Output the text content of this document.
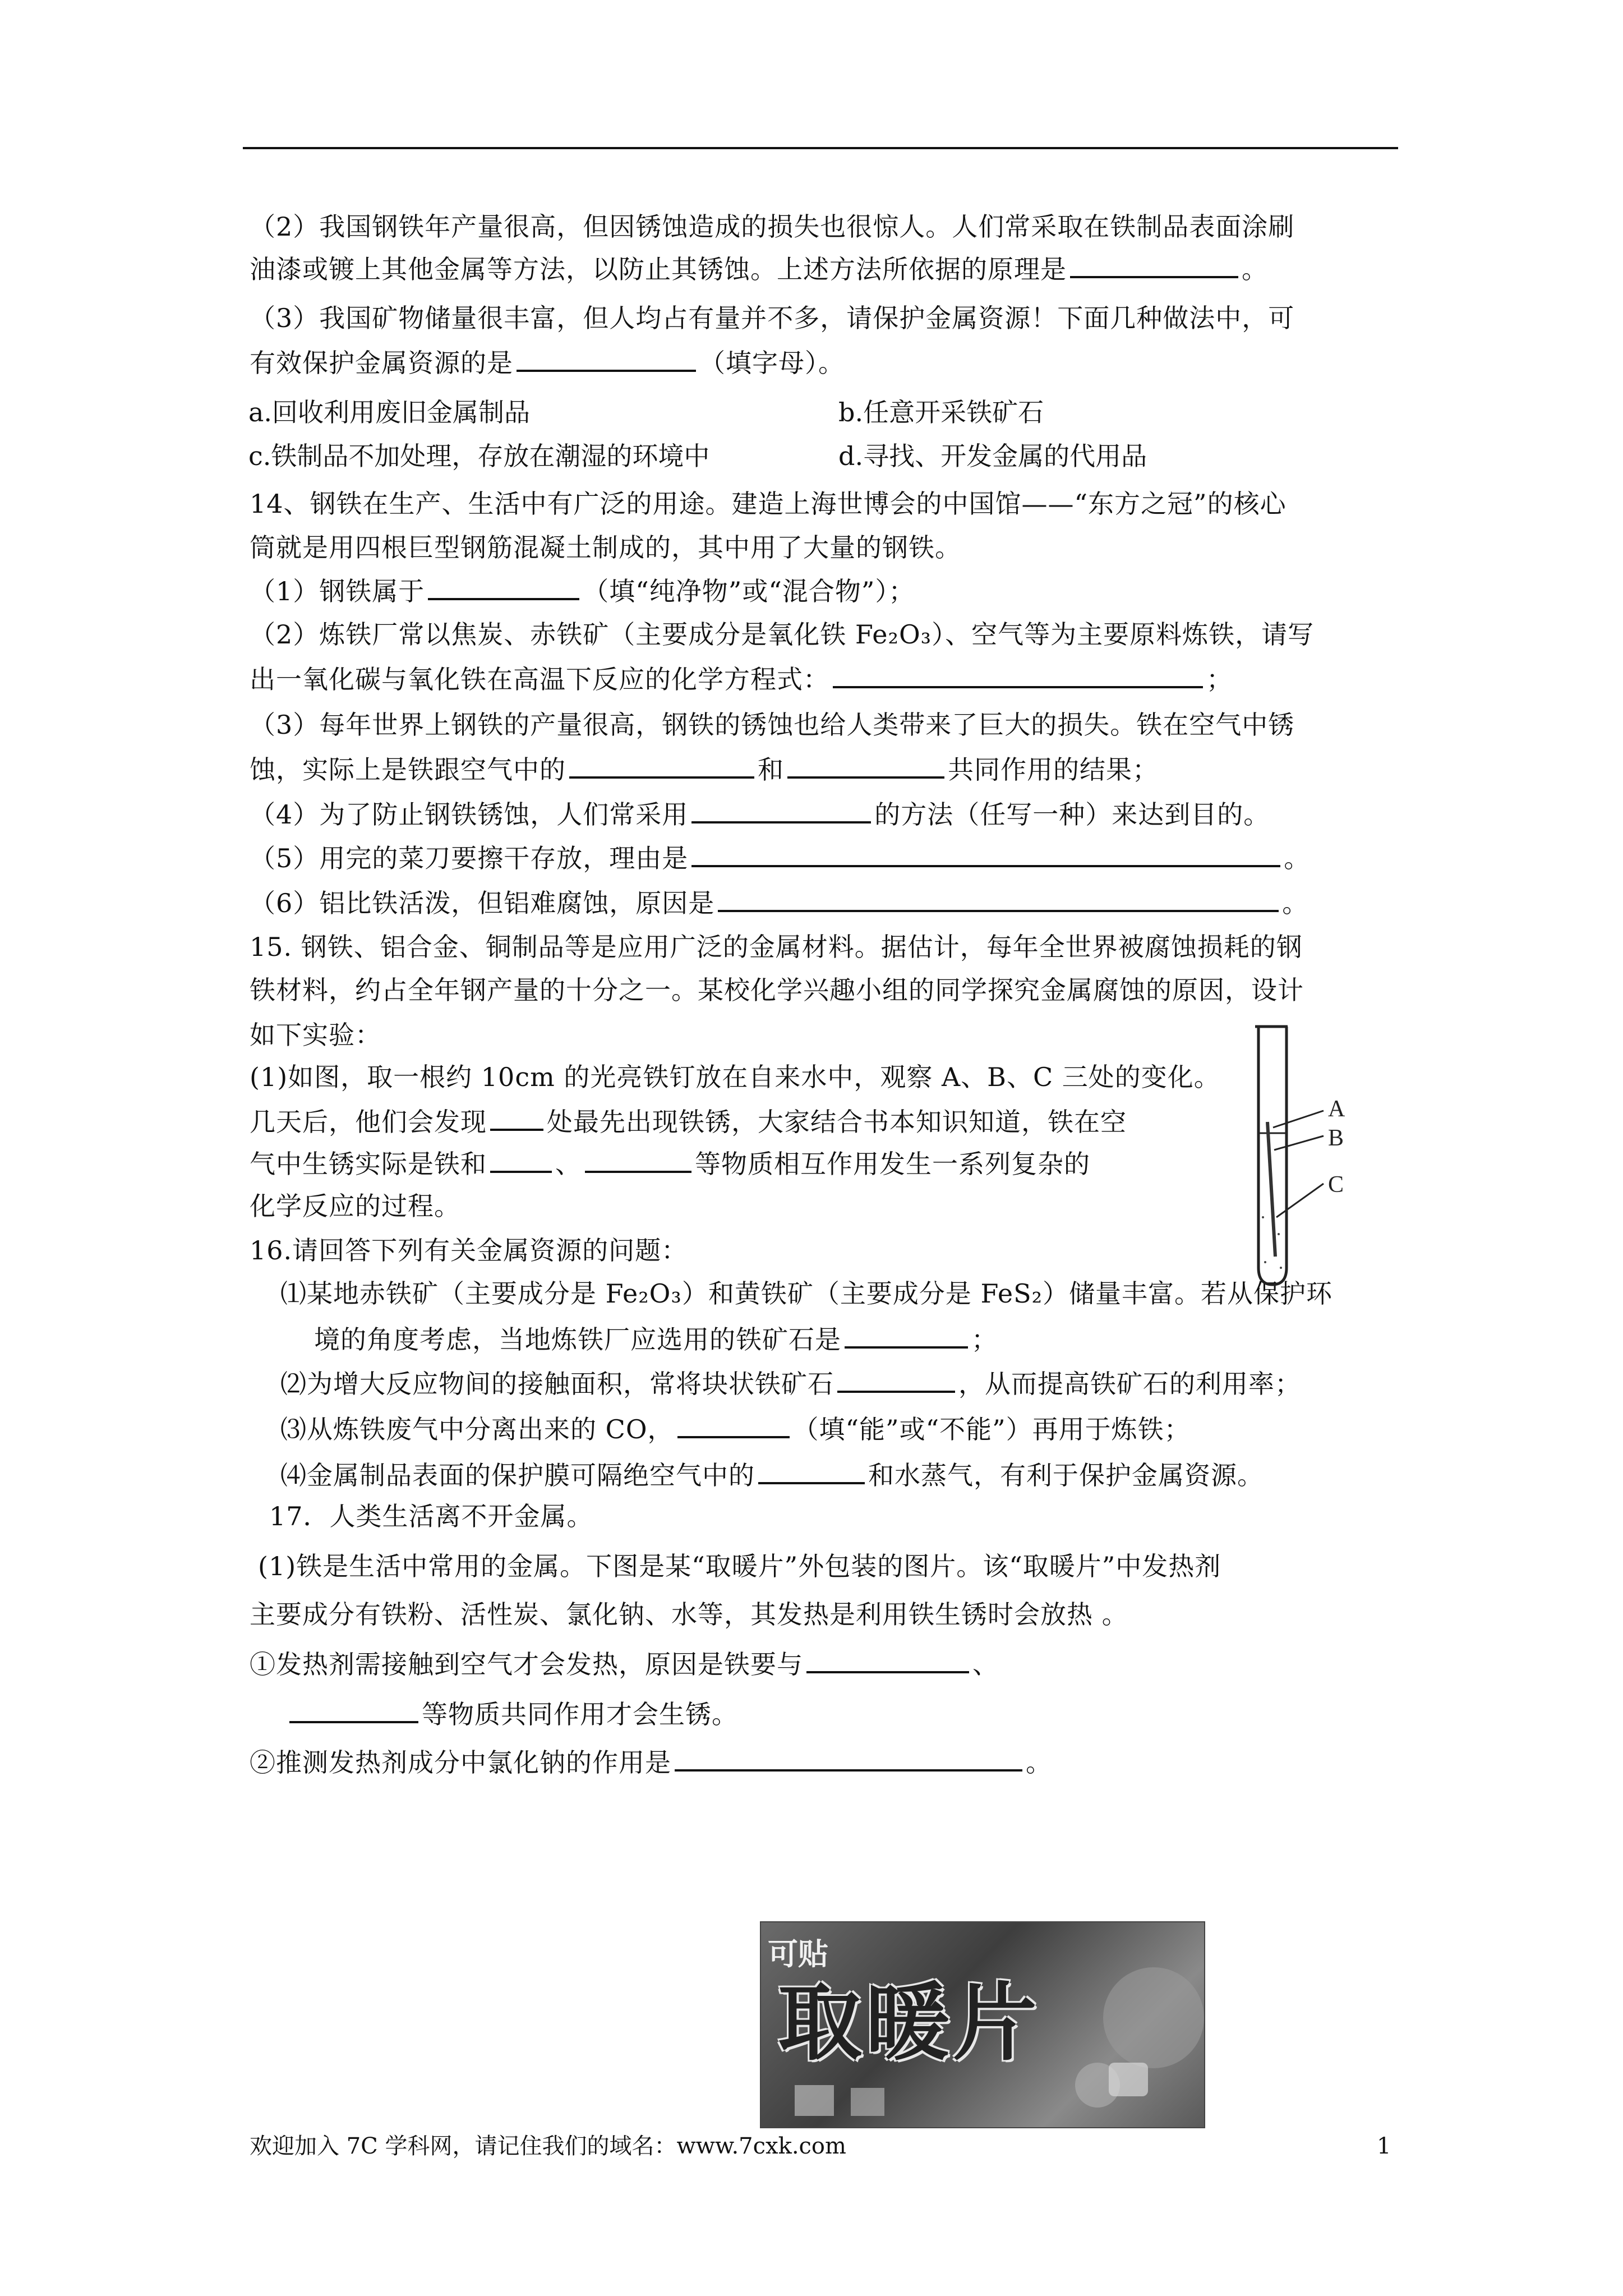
（2）我国钢铁年产量很高，但因锈蚀造成的损失也很惊人。人们常采取在铁制品表面涂刷
油漆或镀上其他金属等方法，以防止其锈蚀。上述方法所依据的原理是	。
（3）我国矿物储量很丰富，但人均占有量并不多，请保护金属资源！下面几种做法中，可
有效保护金属资源的是	（填字母）。
14、钢铁在生产、生活中有广泛的用途。建造上海世博会的中国馆——“东方之冠”的核心
筒就是用四根巨型钢筋混凝土制成的，其中用了大量的钢铁。
（1）钢铁属于	（填“纯净物”或“混合物”）；
（2）炼铁厂常以焦炭、赤铁矿（主要成分是氧化铁 Fe₂O₃）、空气等为主要原料炼铁，请写
出一氧化碳与氧化铁在高温下反应的化学方程式：	；
（3）每年世界上钢铁的产量很高，钢铁的锈蚀也给人类带来了巨大的损失。铁在空气中锈
蚀，实际上是铁跟空气中的	和	共同作用的结果；
（4）为了防止钢铁锈蚀，人们常采用	的方法（任写一种）来达到目的。
（5）用完的菜刀要擦干存放，理由是	。
（6）铝比铁活泼，但铝难腐蚀，原因是	。
15. 钢铁、铝合金、铜制品等是应用广泛的金属材料。据估计，每年全世界被腐蚀损耗的钢
铁材料，约占全年钢产量的十分之一。某校化学兴趣小组的同学探究金属腐蚀的原因，设计
如下实验：
(1)如图，取一根约 10cm 的光亮铁钉放在自来水中，观察 A、B、C 三处的变化。
几天后，他们会发现 处最先出现铁锈，大家结合书本知识知道，铁在空
气中生锈实际是铁和	、	等物质相互作用发生一系列复杂的
化学反应的过程。
16.请回答下列有关金属资源的问题：
⑴某地赤铁矿（主要成分是 Fe₂O₃）和黄铁矿（主要成分是 FeS₂）储量丰富。若从保护环
境的角度考虑，当地炼铁厂应选用的铁矿石是	；
⑵为增大反应物间的接触面积，常将块状铁矿石	，从而提高铁矿石的利用率；
⑶从炼铁废气中分离出来的 CO，	（填“能”或“不能”）再用于炼铁；
⑷金属制品表面的保护膜可隔绝空气中的	和水蒸气，有利于保护金属资源。
17．人类生活离不开金属。
(1)铁是生活中常用的金属。下图是某“取暖片”外包装的图片。该“取暖片”中发热剂
主要成分有铁粉、活性炭、氯化钠、水等，其发热是利用铁生锈时会放热 。
①发热剂需接触到空气才会发热，原因是铁要与	、
等物质共同作用才会生锈。
②推测发热剂成分中氯化钠的作用是	。
a.回收利用废旧金属制品	b.任意开采铁矿石
c.铁制品不加处理，存放在潮湿的环境中	d.寻找、开发金属的代用品
A
B
C
可贴
取暖片
欢迎加入 7C 学科网，请记住我们的域名：www.7cxk.com	1
